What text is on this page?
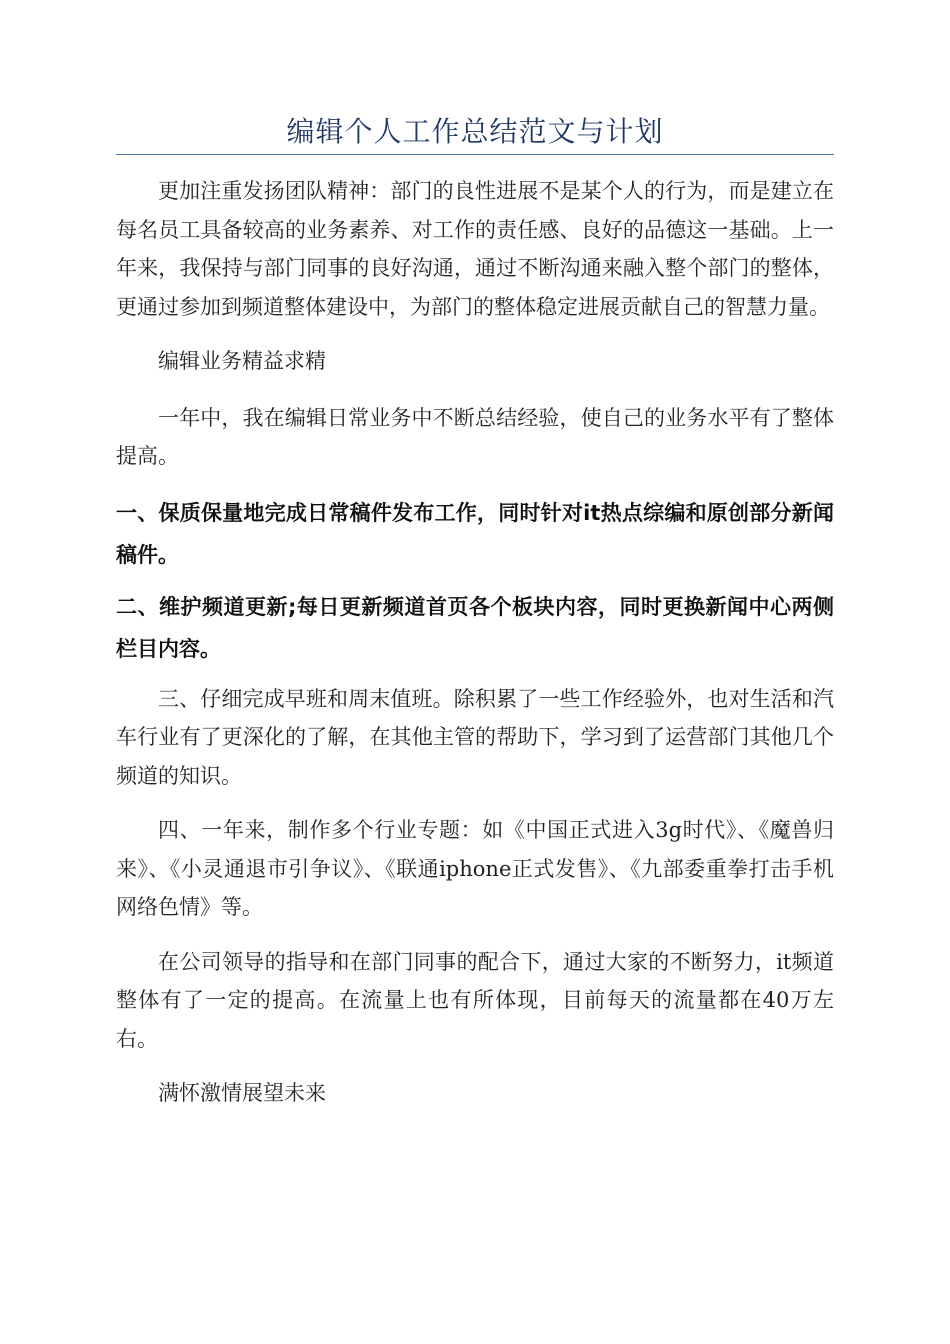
编辑个人工作总结范文与计划

更加注重发扬团队精神：部门的良性进展不是某个人的行为，而是建立在每名员工具备较高的业务素养、对工作的责任感、良好的品德这一基础。上一年来，我保持与部门同事的良好沟通，通过不断沟通来融入整个部门的整体，更通过参加到频道整体建设中，为部门的整体稳定进展贡献自己的智慧力量。

编辑业务精益求精

一年中，我在编辑日常业务中不断总结经验，使自己的业务水平有了整体提高。

一、保质保量地完成日常稿件发布工作，同时针对it热点综编和原创部分新闻稿件。

二、维护频道更新;每日更新频道首页各个板块内容，同时更换新闻中心两侧栏目内容。

三、仔细完成早班和周末值班。除积累了一些工作经验外，也对生活和汽车行业有了更深化的了解，在其他主管的帮助下，学习到了运营部门其他几个频道的知识。

四、一年来，制作多个行业专题：如《中国正式进入3g时代》、《魔兽归来》、《小灵通退市引争议》、《联通iphone正式发售》、《九部委重拳打击手机网络色情》等。

在公司领导的指导和在部门同事的配合下，通过大家的不断努力，it频道整体有了一定的提高。在流量上也有所体现，目前每天的流量都在40万左右。

满怀激情展望未来
